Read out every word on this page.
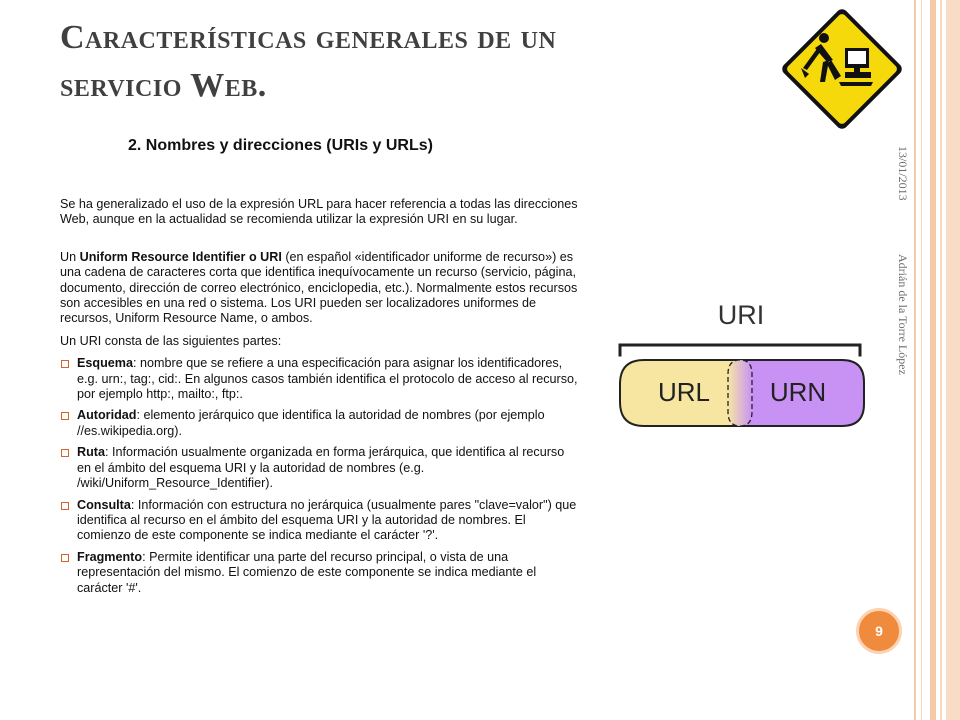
Características generales de un
servicio Web.
2. Nombres y direcciones (URIs y URLs)

Se ha generalizado el uso de la expresión URL para hacer referencia a todas las direcciones Web, aunque en la actualidad se recomienda utilizar la expresión URI en su lugar.

Un Uniform Resource Identifier o URI (en español «identificador uniforme de recurso») es una cadena de caracteres corta que identifica inequívocamente un recurso (servicio, página, documento, dirección de correo electrónico, enciclopedia, etc.). Normalmente estos recursos son accesibles en una red o sistema. Los URI pueden ser localizadores uniformes de recursos, Uniform Resource Name, o ambos.

Un URI consta de las siguientes partes:

Esquema: nombre que se refiere a una especificación para asignar los identificadores, e.g. urn:, tag:, cid:. En algunos casos también identifica el protocolo de acceso al recurso, por ejemplo http:, mailto:, ftp:.
Autoridad: elemento jerárquico que identifica la autoridad de nombres (por ejemplo //es.wikipedia.org).
Ruta: Información usualmente organizada en forma jerárquica, que identifica al recurso en el ámbito del esquema URI y la autoridad de nombres (e.g. /wiki/Uniform_Resource_Identifier).
Consulta: Información con estructura no jerárquica (usualmente pares "clave=valor") que identifica al recurso en el ámbito del esquema URI y la autoridad de nombres. El comienzo de este componente se indica mediante el carácter '?'.
Fragmento: Permite identificar una parte del recurso principal, o vista de una representación del mismo. El comienzo de este componente se indica mediante el carácter '#'.
13/01/2013
Adrián de la Torre López
URI
URL URN
9
